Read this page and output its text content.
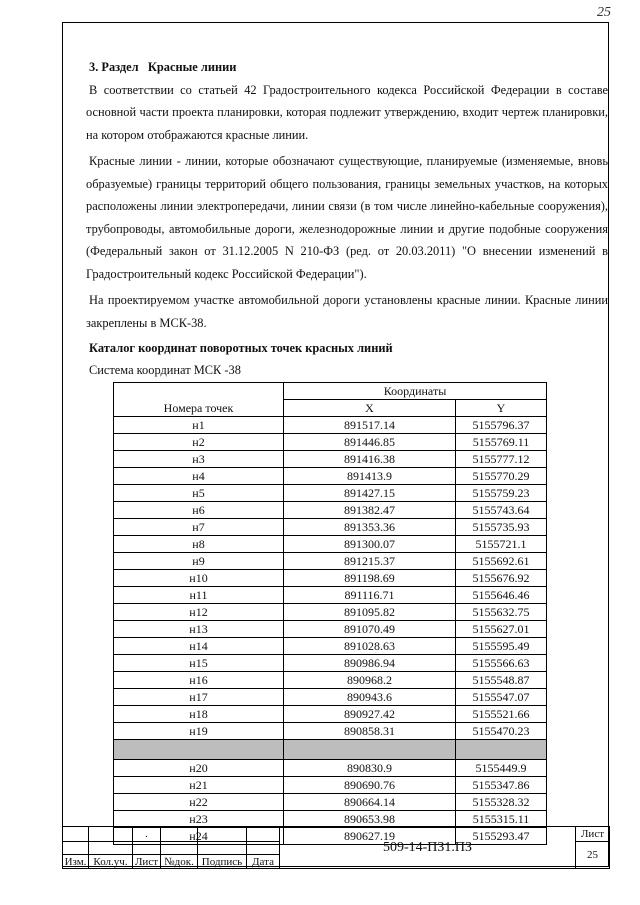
25

3. Раздел   Красные линии

В соответствии со статьей 42 Градостроительного кодекса Российской Федерации в составе основной части проекта планировки, которая подлежит утверждению, входит чертеж планировки, на котором отображаются красные линии.

Красные линии - линии, которые обозначают существующие, планируемые (изменяемые, вновь образуемые) границы территорий общего пользования, границы земельных участков, на которых расположены линии электропередачи, линии связи (в том числе линейно-кабельные сооружения), трубопроводы, автомобильные дороги, железнодорожные линии и другие подобные сооружения (Федеральный закон от 31.12.2005 N 210-ФЗ (ред. от 20.03.2011) "О внесении изменений в Градостроительный кодекс Российской Федерации").

На проектируемом участке автомобильной дороги установлены красные линии. Красные линии закреплены в МСК-38.

Каталог координат поворотных точек красных линий
Система координат МСК -38
Номера точек	Координаты	
	X	Y
н1	891517.14	5155796.37
н2	891446.85	5155769.11
н3	891416.38	5155777.12
н4	891413.9	5155770.29
н5	891427.15	5155759.23
н6	891382.47	5155743.64
н7	891353.36	5155735.93
н8	891300.07	5155721.1
н9	891215.37	5155692.61
н10	891198.69	5155676.92
н11	891116.71	5155646.46
н12	891095.82	5155632.75
н13	891070.49	5155627.01
н14	891028.63	5155595.49
н15	890986.94	5155566.63
н16	890968.2	5155548.87
н17	890943.6	5155547.07
н18	890927.42	5155521.66
н19	890858.31	5155470.23

н20	890830.9	5155449.9
н21	890690.76	5155347.86
н22	890664.14	5155328.32
н23	890653.98	5155315.11
н24	890627.19	5155293.47
		.				509-14-ПЗ1.ПЗ	Лист
							25
Изм.	Кол.уч.	Лист	№док.	Подпись	Дата		
